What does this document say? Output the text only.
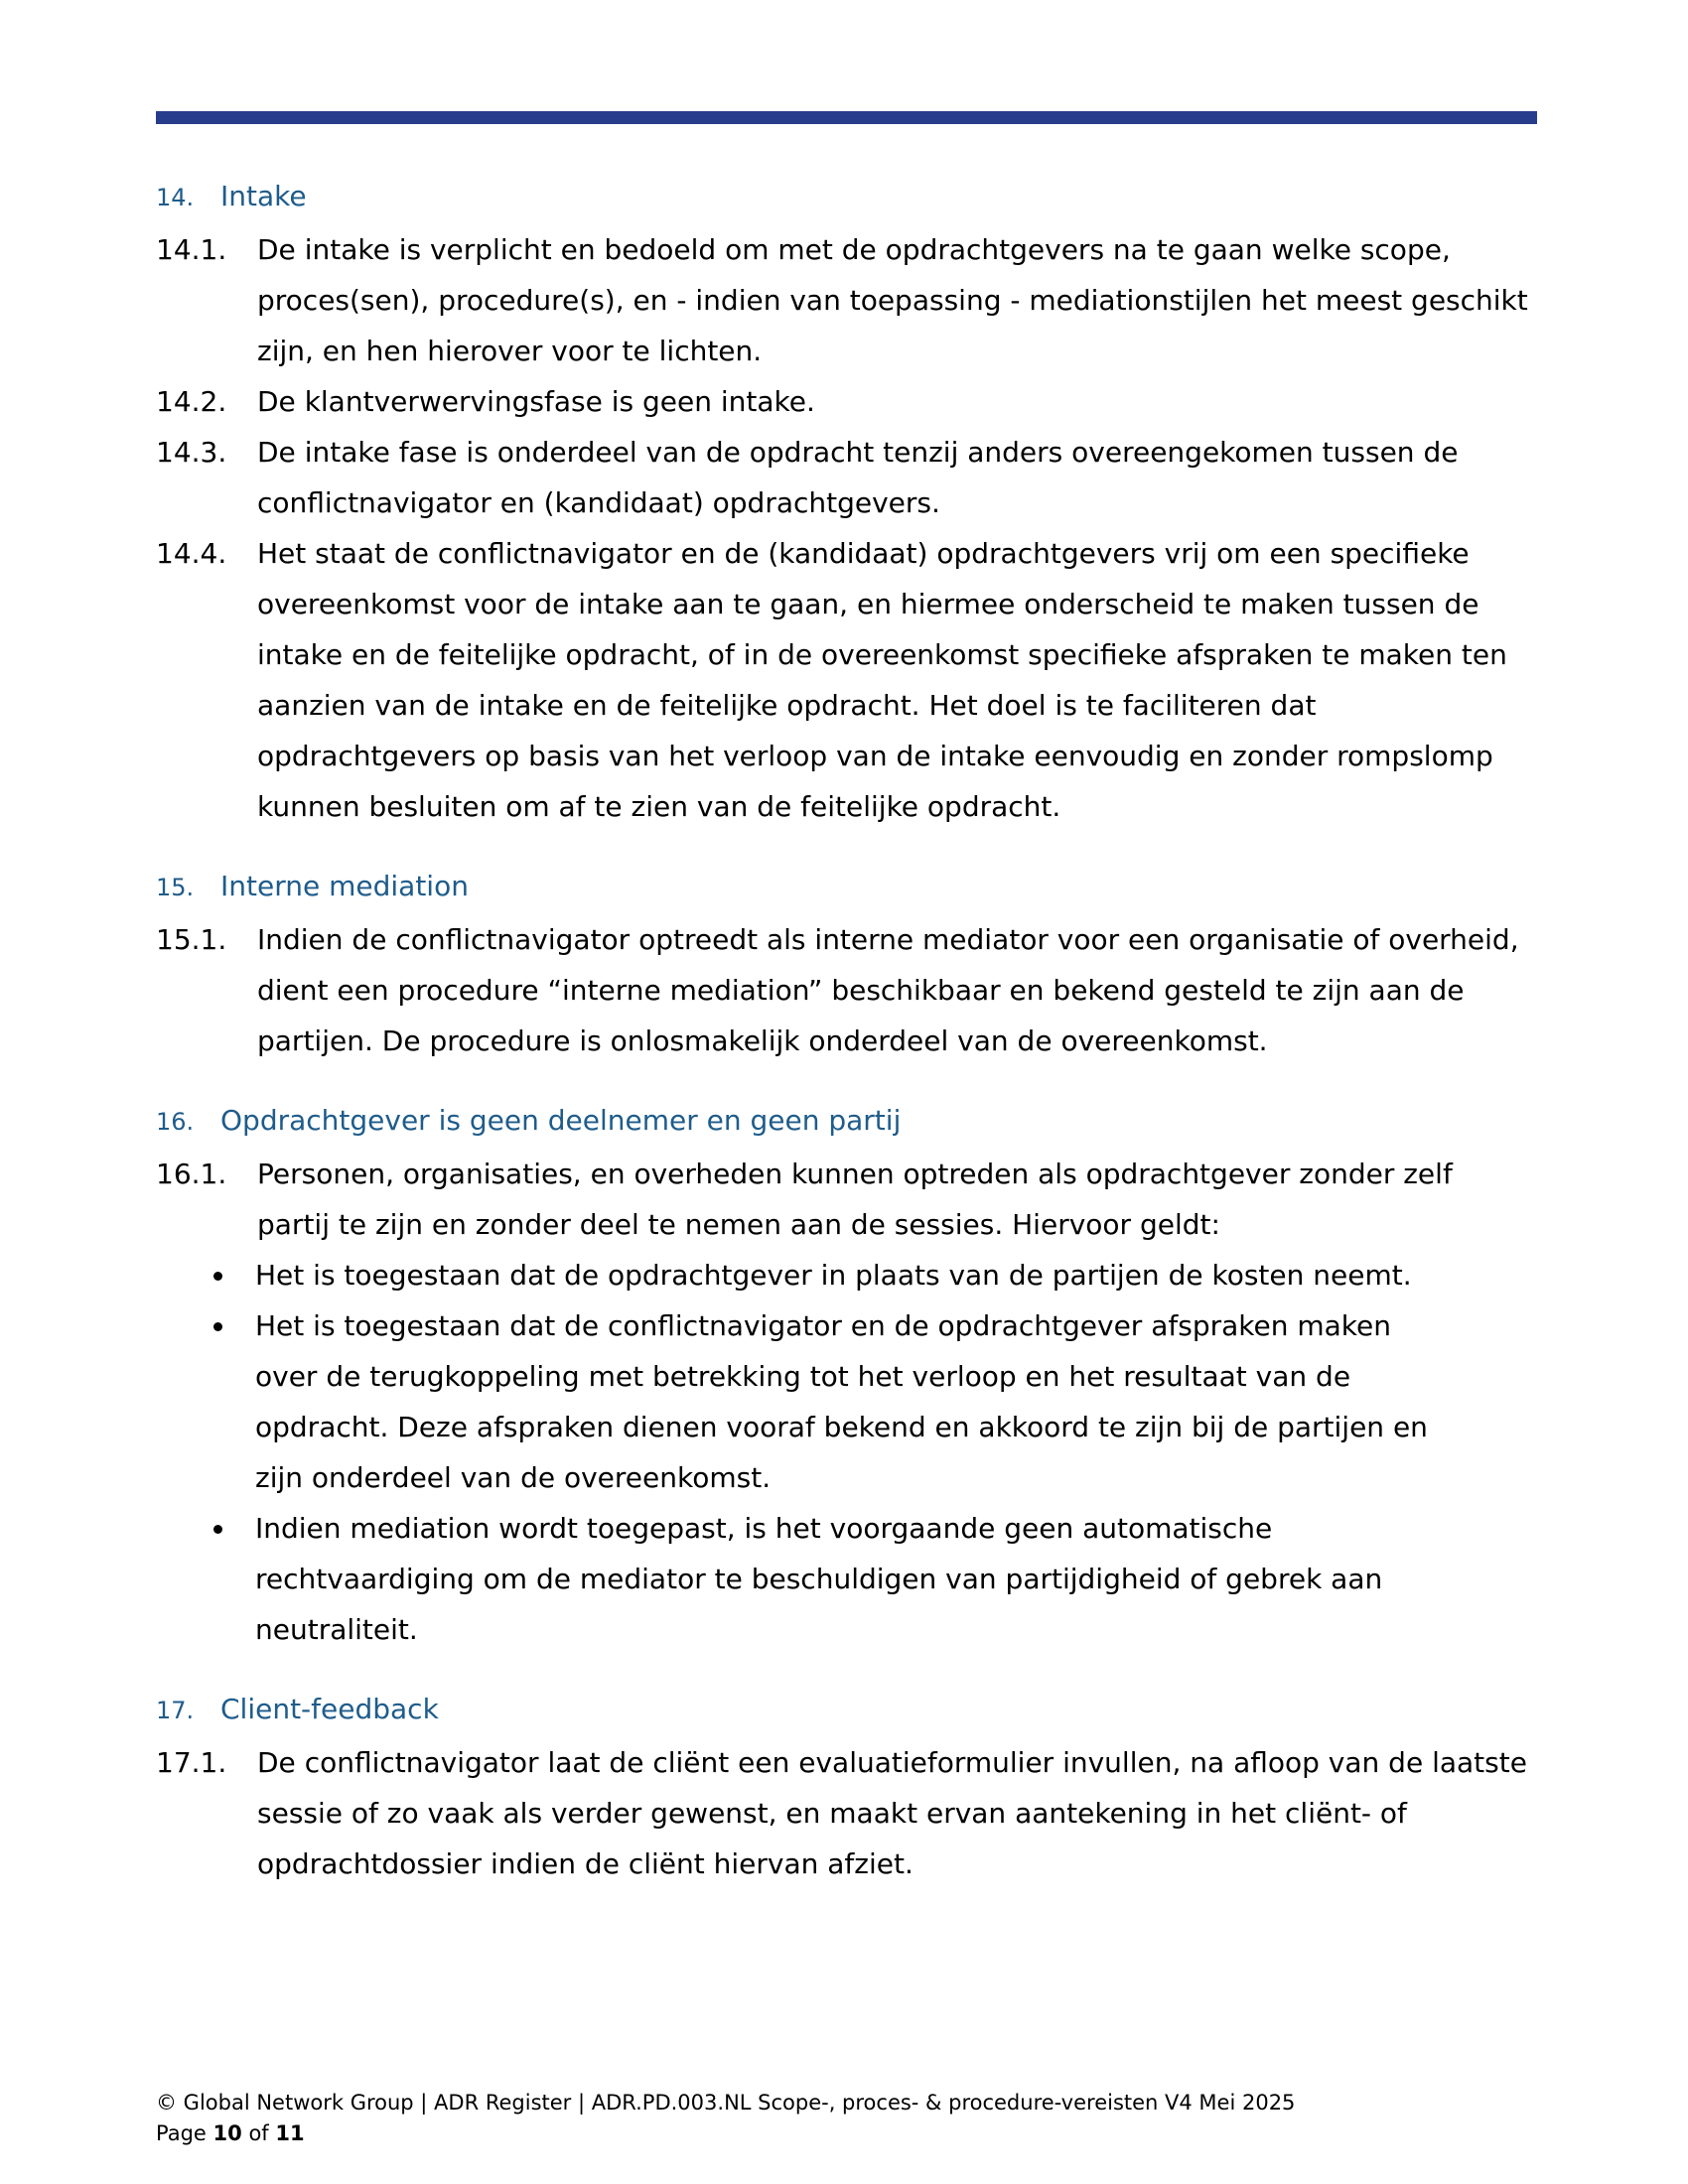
14. Intake
14.1.	De intake is verplicht en bedoeld om met de opdrachtgevers na te gaan welke scope, proces(sen), procedure(s), en - indien van toepassing - mediationstijlen het meest geschikt zijn, en hen hierover voor te lichten.
14.2.	De klantverwervingsfase is geen intake.
14.3.	De intake fase is onderdeel van de opdracht tenzij anders overeengekomen tussen de conflictnavigator en (kandidaat) opdrachtgevers.
14.4.	Het staat de conflictnavigator en de (kandidaat) opdrachtgevers vrij om een specifieke overeenkomst voor de intake aan te gaan, en hiermee onderscheid te maken tussen de intake en de feitelijke opdracht, of in de overeenkomst specifieke afspraken te maken ten aanzien van de intake en de feitelijke opdracht. Het doel is te faciliteren dat opdrachtgevers op basis van het verloop van de intake eenvoudig en zonder rompslomp kunnen besluiten om af te zien van de feitelijke opdracht.
15. Interne mediation
15.1.	Indien de conflictnavigator optreedt als interne mediator voor een organisatie of overheid, dient een procedure “interne mediation” beschikbaar en bekend gesteld te zijn aan de partijen. De procedure is onlosmakelijk onderdeel van de overeenkomst.
16. Opdrachtgever is geen deelnemer en geen partij
16.1.	Personen, organisaties, en overheden kunnen optreden als opdrachtgever zonder zelf partij te zijn en zonder deel te nemen aan de sessies. Hiervoor geldt:
Het is toegestaan dat de opdrachtgever in plaats van de partijen de kosten neemt.
Het is toegestaan dat de conflictnavigator en de opdrachtgever afspraken maken over de terugkoppeling met betrekking tot het verloop en het resultaat van de opdracht. Deze afspraken dienen vooraf bekend en akkoord te zijn bij de partijen en zijn onderdeel van de overeenkomst.
Indien mediation wordt toegepast, is het voorgaande geen automatische rechtvaardiging om de mediator te beschuldigen van partijdigheid of gebrek aan neutraliteit.
17. Client-feedback
17.1.	De conflictnavigator laat de cliënt een evaluatieformulier invullen, na afloop van de laatste sessie of zo vaak als verder gewenst, en maakt ervan aantekening in het cliënt- of opdrachtdossier indien de cliënt hiervan afziet.
© Global Network Group | ADR Register | ADR.PD.003.NL Scope-, proces- & procedure-vereisten V4 Mei 2025
Page 10 of 11
